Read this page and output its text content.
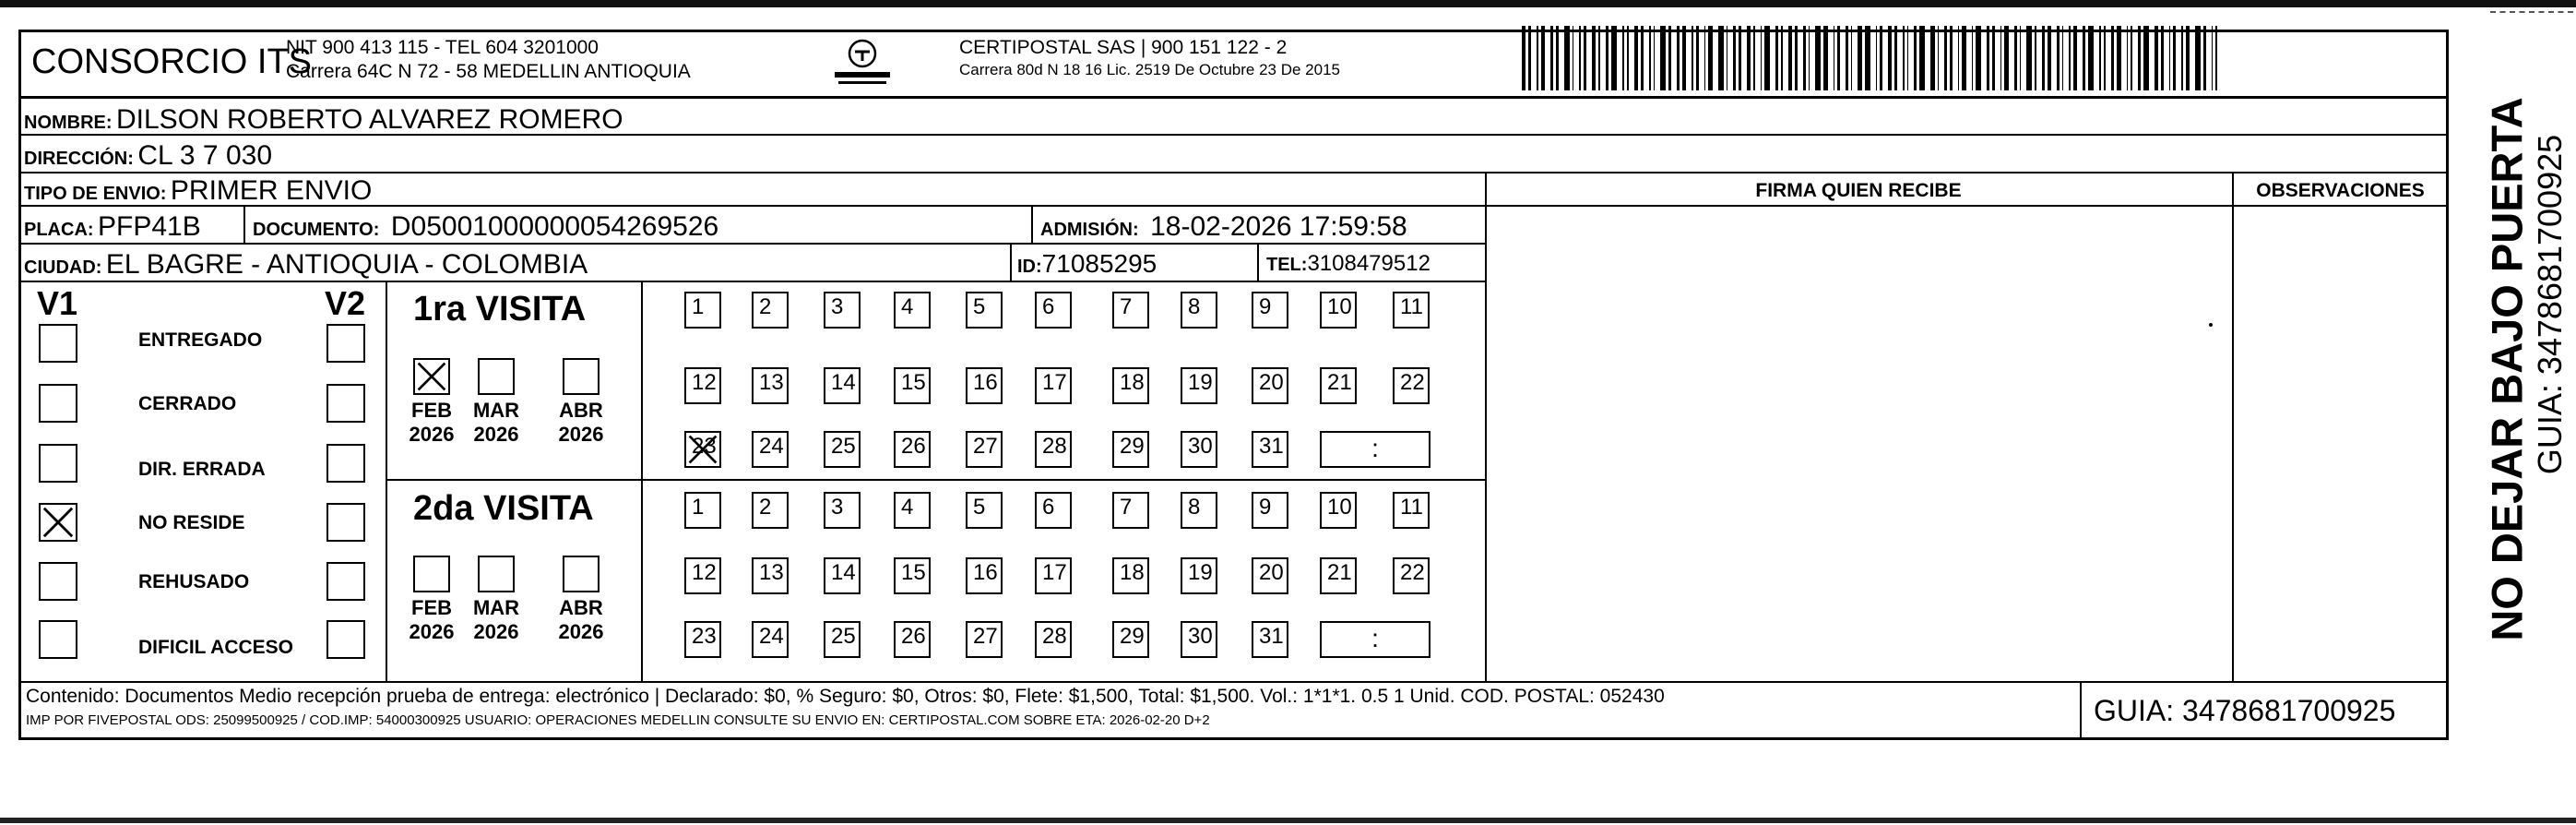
CONSORCIO ITS
NIT 900 413 115 - TEL 604 3201000
Carrera 64C N 72 - 58 MEDELLIN ANTIOQUIA
CERTIPOSTAL SAS | 900 151 122 - 2
Carrera 80d N 18 16 Lic. 2519 De Octubre 23 De 2015
NOMBRE: DILSON ROBERTO ALVAREZ ROMERO
DIRECCIÓN: CL 3 7 030
TIPO DE ENVIO: PRIMER ENVIO	FIRMA QUIEN RECIBE	OBSERVACIONES
PLACA: PFP41B	DOCUMENTO: D05001000000054269526	ADMISIÓN: 18-02-2026 17:59:58
CIUDAD: EL BAGRE - ANTIOQUIA - COLOMBIA	ID:71085295	TEL:3108479512
V1	V2
ENTREGADO
CERRADO
DIR. ERRADA
NO RESIDE
REHUSADO
DIFICIL ACCESO
1ra VISITA
2da VISITA
FEB
2026
MAR
2026
ABR
2026
FEB
2026
MAR
2026
ABR
2026
1 2	3	4	5	6	7	8	9	10 11
12 13 14 15 16 17 18 19 20 21 22
23 24 25 26 27 28 29 30 31	:
1 2	3	4	5	6	7	8	9	10 11
12 13 14 15 16 17 18 19 20 21 22
23 24 25 26 27 28 29 30 31	:
Contenido: Documentos Medio recepción prueba de entrega: electrónico | Declarado: $0, % Seguro: $0, Otros: $0, Flete: $1,500, Total: $1,500. Vol.: 1*1*1. 0.5 1 Unid. COD. POSTAL: 052430
IMP POR FIVEPOSTAL ODS: 25099500925 / COD.IMP: 54000300925 USUARIO: OPERACIONES MEDELLIN CONSULTE SU ENVIO EN: CERTIPOSTAL.COM SOBRE ETA: 2026-02-20 D+2	GUIA: 3478681700925
NO DEJAR BAJO PUERTA GUIA: 3478681700925
